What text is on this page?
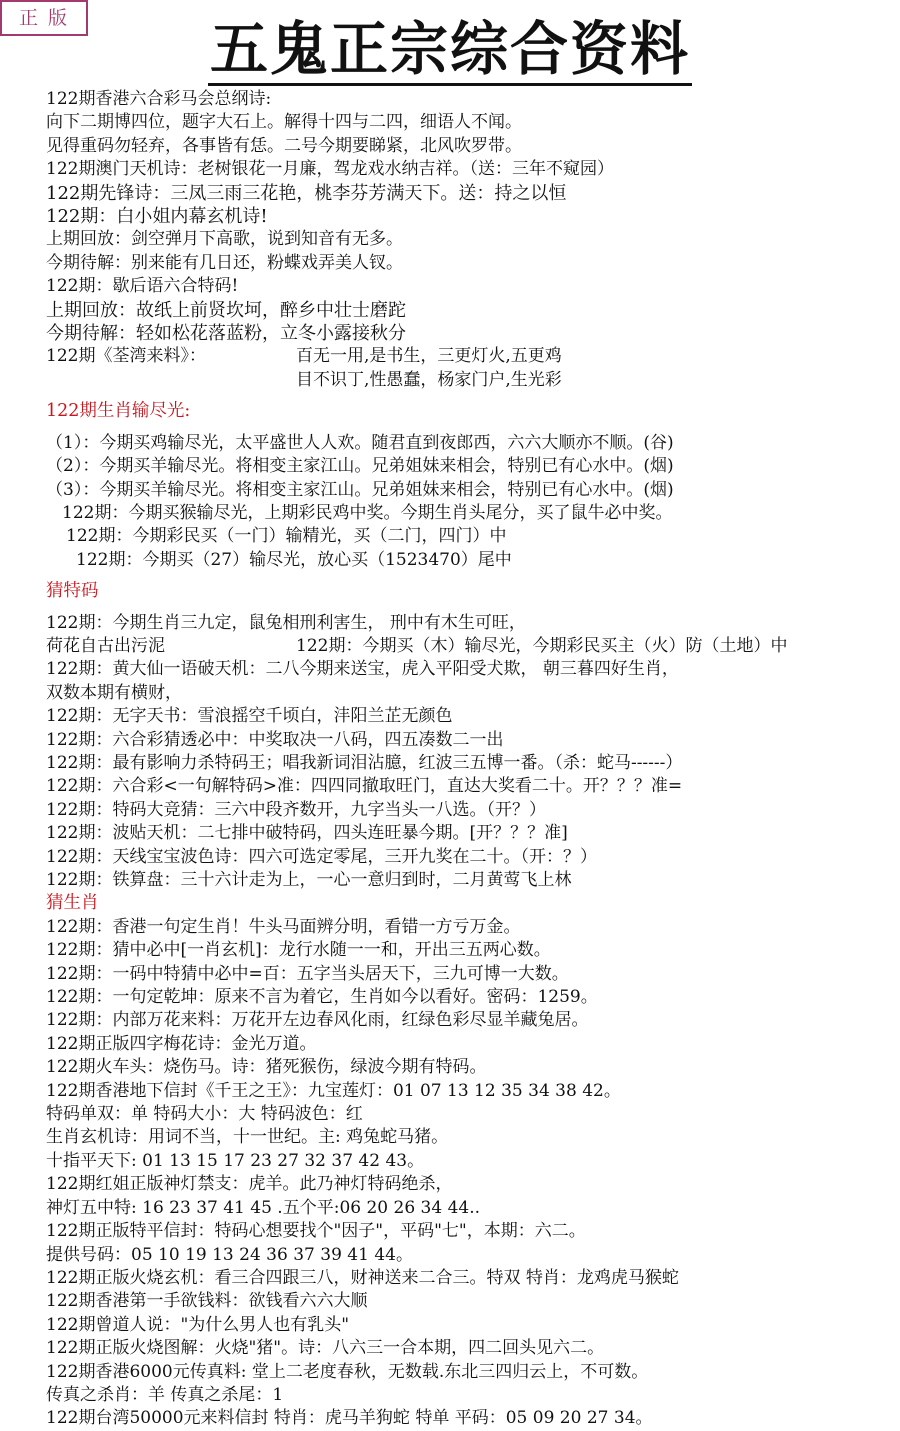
正 版	五鬼正宗综合资料
122期香港六合彩马会总纲诗:
向下二期博四位，题字大石上。解得十四与二四，细语人不闻。
见得重码勿轻弃，各事皆有恁。二号今期要睇紧，北风吹罗带。
122期澳门天机诗：老树银花一月廉，驾龙戏水纳吉祥。（送：三年不窥园）
122期先锋诗：三凤三雨三花艳，桃李芬芳满天下。送：持之以恒
122期：白小姐内幕玄机诗!
上期回放：剑空弹月下高歌，说到知音有无多。
今期待解：别来能有几日还，粉蝶戏弄美人钗。
122期：歇后语六合特码!
上期回放：故纸上前贤坎坷，醉乡中壮士磨跎
今期待解：轻如松花落蓝粉，立冬小露接秋分
122期《荃湾来料》：	百无一用,是书生，三更灯火,五更鸡
目不识丁,性愚蠢，杨家门户,生光彩
122期生肖输尽光:
（1）：今期买鸡输尽光，太平盛世人人欢。随君直到夜郎西，六六大顺亦不顺。(谷)
（2）：今期买羊输尽光。将相变主家江山。兄弟姐妹来相会，特别已有心水中。(烟)
（3）：今期买羊输尽光。将相变主家江山。兄弟姐妹来相会，特别已有心水中。(烟)
122期：今期买猴输尽光，上期彩民鸡中奖。今期生肖头尾分，买了鼠牛必中奖。
122期：今期彩民买（一门）输精光，买（二门，四门）中
122期：今期买（27）输尽光，放心买（1523470）尾中
猜特码
122期：今期生肖三九定，鼠兔相刑利害生， 刑中有木生可旺，
荷花自古出污泥	122期：今期买（木）输尽光，今期彩民买主（火）防（土地）中
122期：黄大仙一语破天机：二八今期来送宝，虎入平阳受犬欺， 朝三暮四好生肖，
双数本期有横财，
122期：无字天书：雪浪摇空千顷白，沣阳兰芷无颜色
122期：六合彩猜透必中：中奖取决一八码，四五凑数二一出
122期：最有影响力杀特码王；唱我新词泪沾臆，红波三五博一番。（杀：蛇马------）
122期：六合彩<一句解特码>准：四四同撤取旺门，直达大奖看二十。开？？？准=
122期：特码大竞猜：三六中段齐数开，九字当头一八选。（开？）
122期：波贴天机：二七排中破特码，四头连旺暴今期。[开？？？准]
122期：天线宝宝波色诗：四六可选定零尾，三开九奖在二十。（开：？）
122期：铁算盘：三十六计走为上，一心一意归到时，二月黄莺飞上林
猜生肖
122期：香港一句定生肖！牛头马面辨分明，看错一方亏万金。
122期：猜中必中[一肖玄机]：龙行水随一一和，开出三五两心数。
122期：一码中特猜中必中=百：五字当头居天下，三九可博一大数。
122期：一句定乾坤：原来不言为着它，生肖如今以看好。密码：1259。
122期：内部万花来料：万花开左边春风化雨，红绿色彩尽显羊藏兔居。
122期正版四字梅花诗：金光万道。
122期火车头：烧伤马。诗：猪死猴伤，绿波今期有特码。
122期香港地下信封《千王之王》：九宝莲灯：01 07 13 12 35 34 38 42。
特码单双：单 特码大小：大 特码波色：红
生肖玄机诗：用词不当，十一世纪。主: 鸡兔蛇马猪。
十指平天下: 01 13 15 17 23 27 32 37 42 43。
122期红姐正版神灯禁支：虎羊。此乃神灯特码绝杀，
神灯五中特: 16 23 37 41 45 .五个平:06 20 26 34 44..
122期正版特平信封：特码心想要找个"因子"，平码"七"，本期：六二。
提供号码：05 10 19 13 24 36 37 39 41 44。
122期正版火烧玄机：看三合四跟三八，财神送来二合三。特双 特肖：龙鸡虎马猴蛇
122期香港第一手欲钱料：欲钱看六六大顺
122期曾道人说："为什么男人也有乳头"
122期正版火烧图解：火烧"猪"。诗：八六三一合本期，四二回头见六二。
122期香港6000元传真料: 堂上二老度春秋，无数载.东北三四归云上，不可数。
传真之杀肖：羊 传真之杀尾：1
122期台湾50000元来料信封 特肖：虎马羊狗蛇 特单 平码：05 09 20 27 34。
